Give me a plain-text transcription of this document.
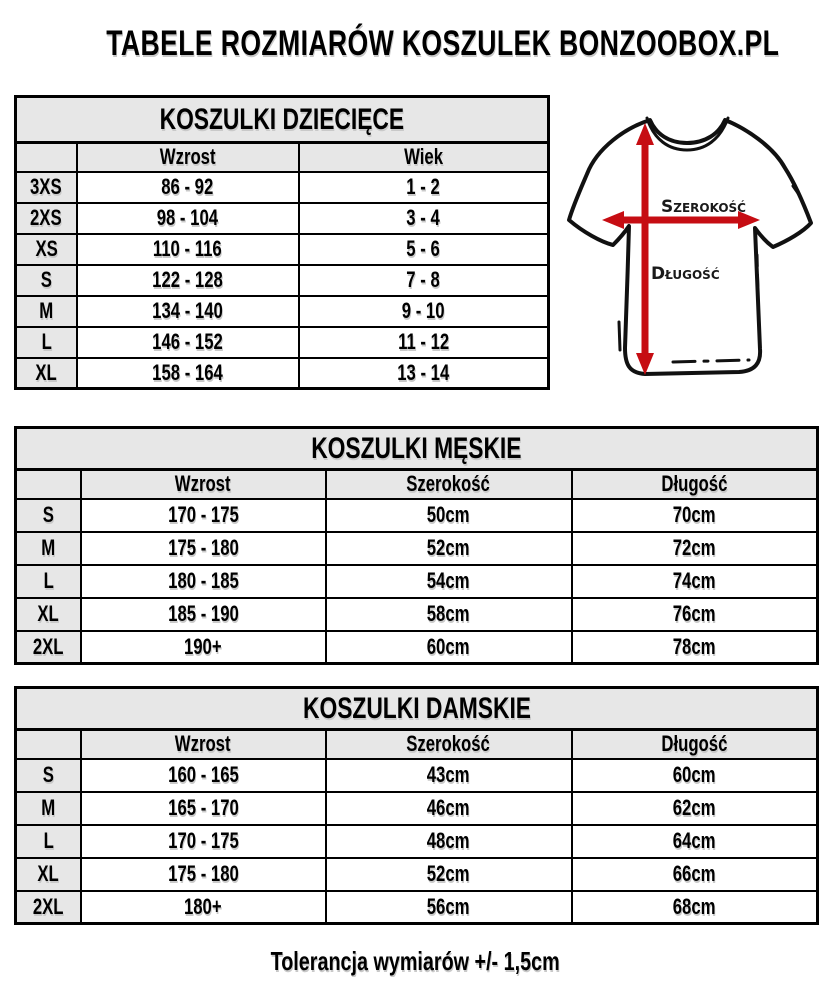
TABELE ROZMIARÓW KOSZULEK BONZOOBOX.PL
KOSZULKI DZIECIĘCE		
	Wzrost	Wiek
3XS	86 - 92	1 - 2
2XS	98 - 104	3 - 4
XS	110 - 116	5 - 6
S	122 - 128	7 - 8
M	134 - 140	9 - 10
L	146 - 152	11 - 12
XL	158 - 164	13 - 14
Szerokość
Długość
KOSZULKI MĘSKIE			
	Wzrost	Szerokość	Długość
S	170 - 175	50cm	70cm
M	175 - 180	52cm	72cm
L	180 - 185	54cm	74cm
XL	185 - 190	58cm	76cm
2XL	190+	60cm	78cm
KOSZULKI DAMSKIE			
	Wzrost	Szerokość	Długość
S	160 - 165	43cm	60cm
M	165 - 170	46cm	62cm
L	170 - 175	48cm	64cm
XL	175 - 180	52cm	66cm
2XL	180+	56cm	68cm
Tolerancja wymiarów +/- 1,5cm
